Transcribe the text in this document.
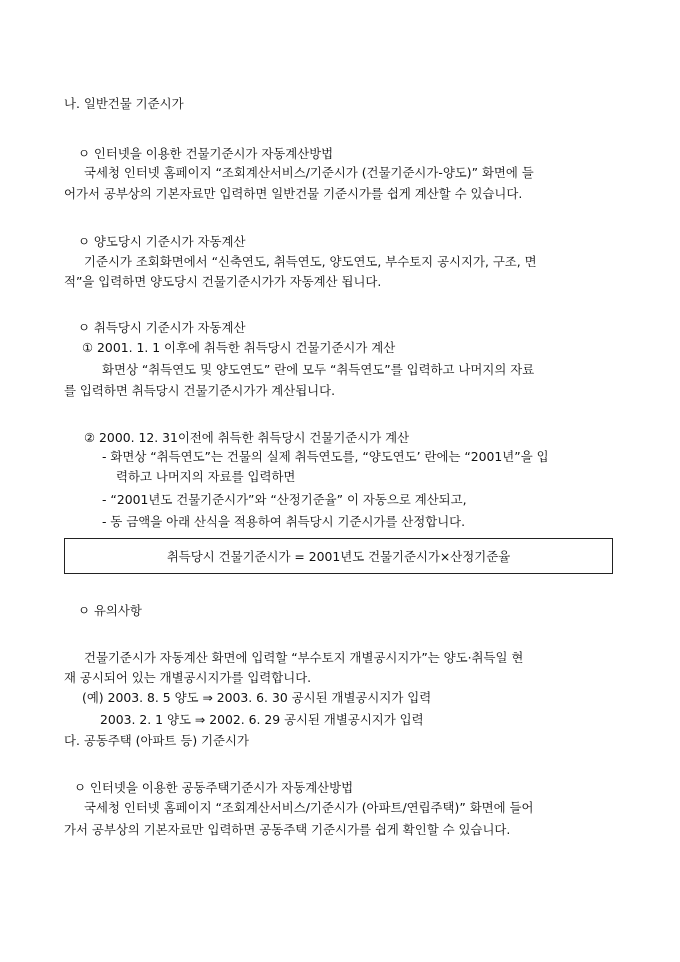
나. 일반건물 기준시가
ㅇ 인터넷을 이용한 건물기준시가 자동계산방법
국세청 인터넷 홈페이지 “조회계산서비스/기준시가 (건물기준시가-양도)” 화면에 들
어가서 공부상의 기본자료만 입력하면 일반건물 기준시가를 쉽게 계산할 수 있습니다.
ㅇ 양도당시 기준시가 자동계산
기준시가 조회화면에서 “신축연도, 취득연도, 양도연도, 부수토지 공시지가, 구조, 면
적”을 입력하면 양도당시 건물기준시가가 자동계산 됩니다.
ㅇ 취득당시 기준시가 자동계산
① 2001. 1. 1 이후에 취득한 취득당시 건물기준시가 계산
화면상 “취득연도 및 양도연도” 란에 모두 “취득연도”를 입력하고 나머지의 자료
를 입력하면 취득당시 건물기준시가가 계산됩니다.
② 2000. 12. 31이전에 취득한 취득당시 건물기준시가 계산
- 화면상 “취득연도”는 건물의 실제 취득연도를, “양도연도’ 란에는 “2001년”을 입
력하고 나머지의 자료를 입력하면
- “2001년도 건물기준시가”와 “산정기준율” 이 자동으로 계산되고,
- 동 금액을 아래 산식을 적용하여 취득당시 기준시가를 산정합니다.
취득당시 건물기준시가 = 2001년도 건물기준시가×산정기준율
ㅇ 유의사항
건물기준시가 자동계산 화면에 입력할 “부수토지 개별공시지가”는 양도·취득일 현
재 공시되어 있는 개별공시지가를 입력합니다.
(예) 2003. 8. 5 양도 ⇒ 2003. 6. 30 공시된 개별공시지가 입력
2003. 2. 1 양도 ⇒ 2002. 6. 29 공시된 개별공시지가 입력
다. 공동주택 (아파트 등) 기준시가
ㅇ 인터넷을 이용한 공동주택기준시가 자동계산방법
국세청 인터넷 홈페이지 “조회계산서비스/기준시가 (아파트/연립주택)” 화면에 들어
가서 공부상의 기본자료만 입력하면 공동주택 기준시가를 쉽게 확인할 수 있습니다.
